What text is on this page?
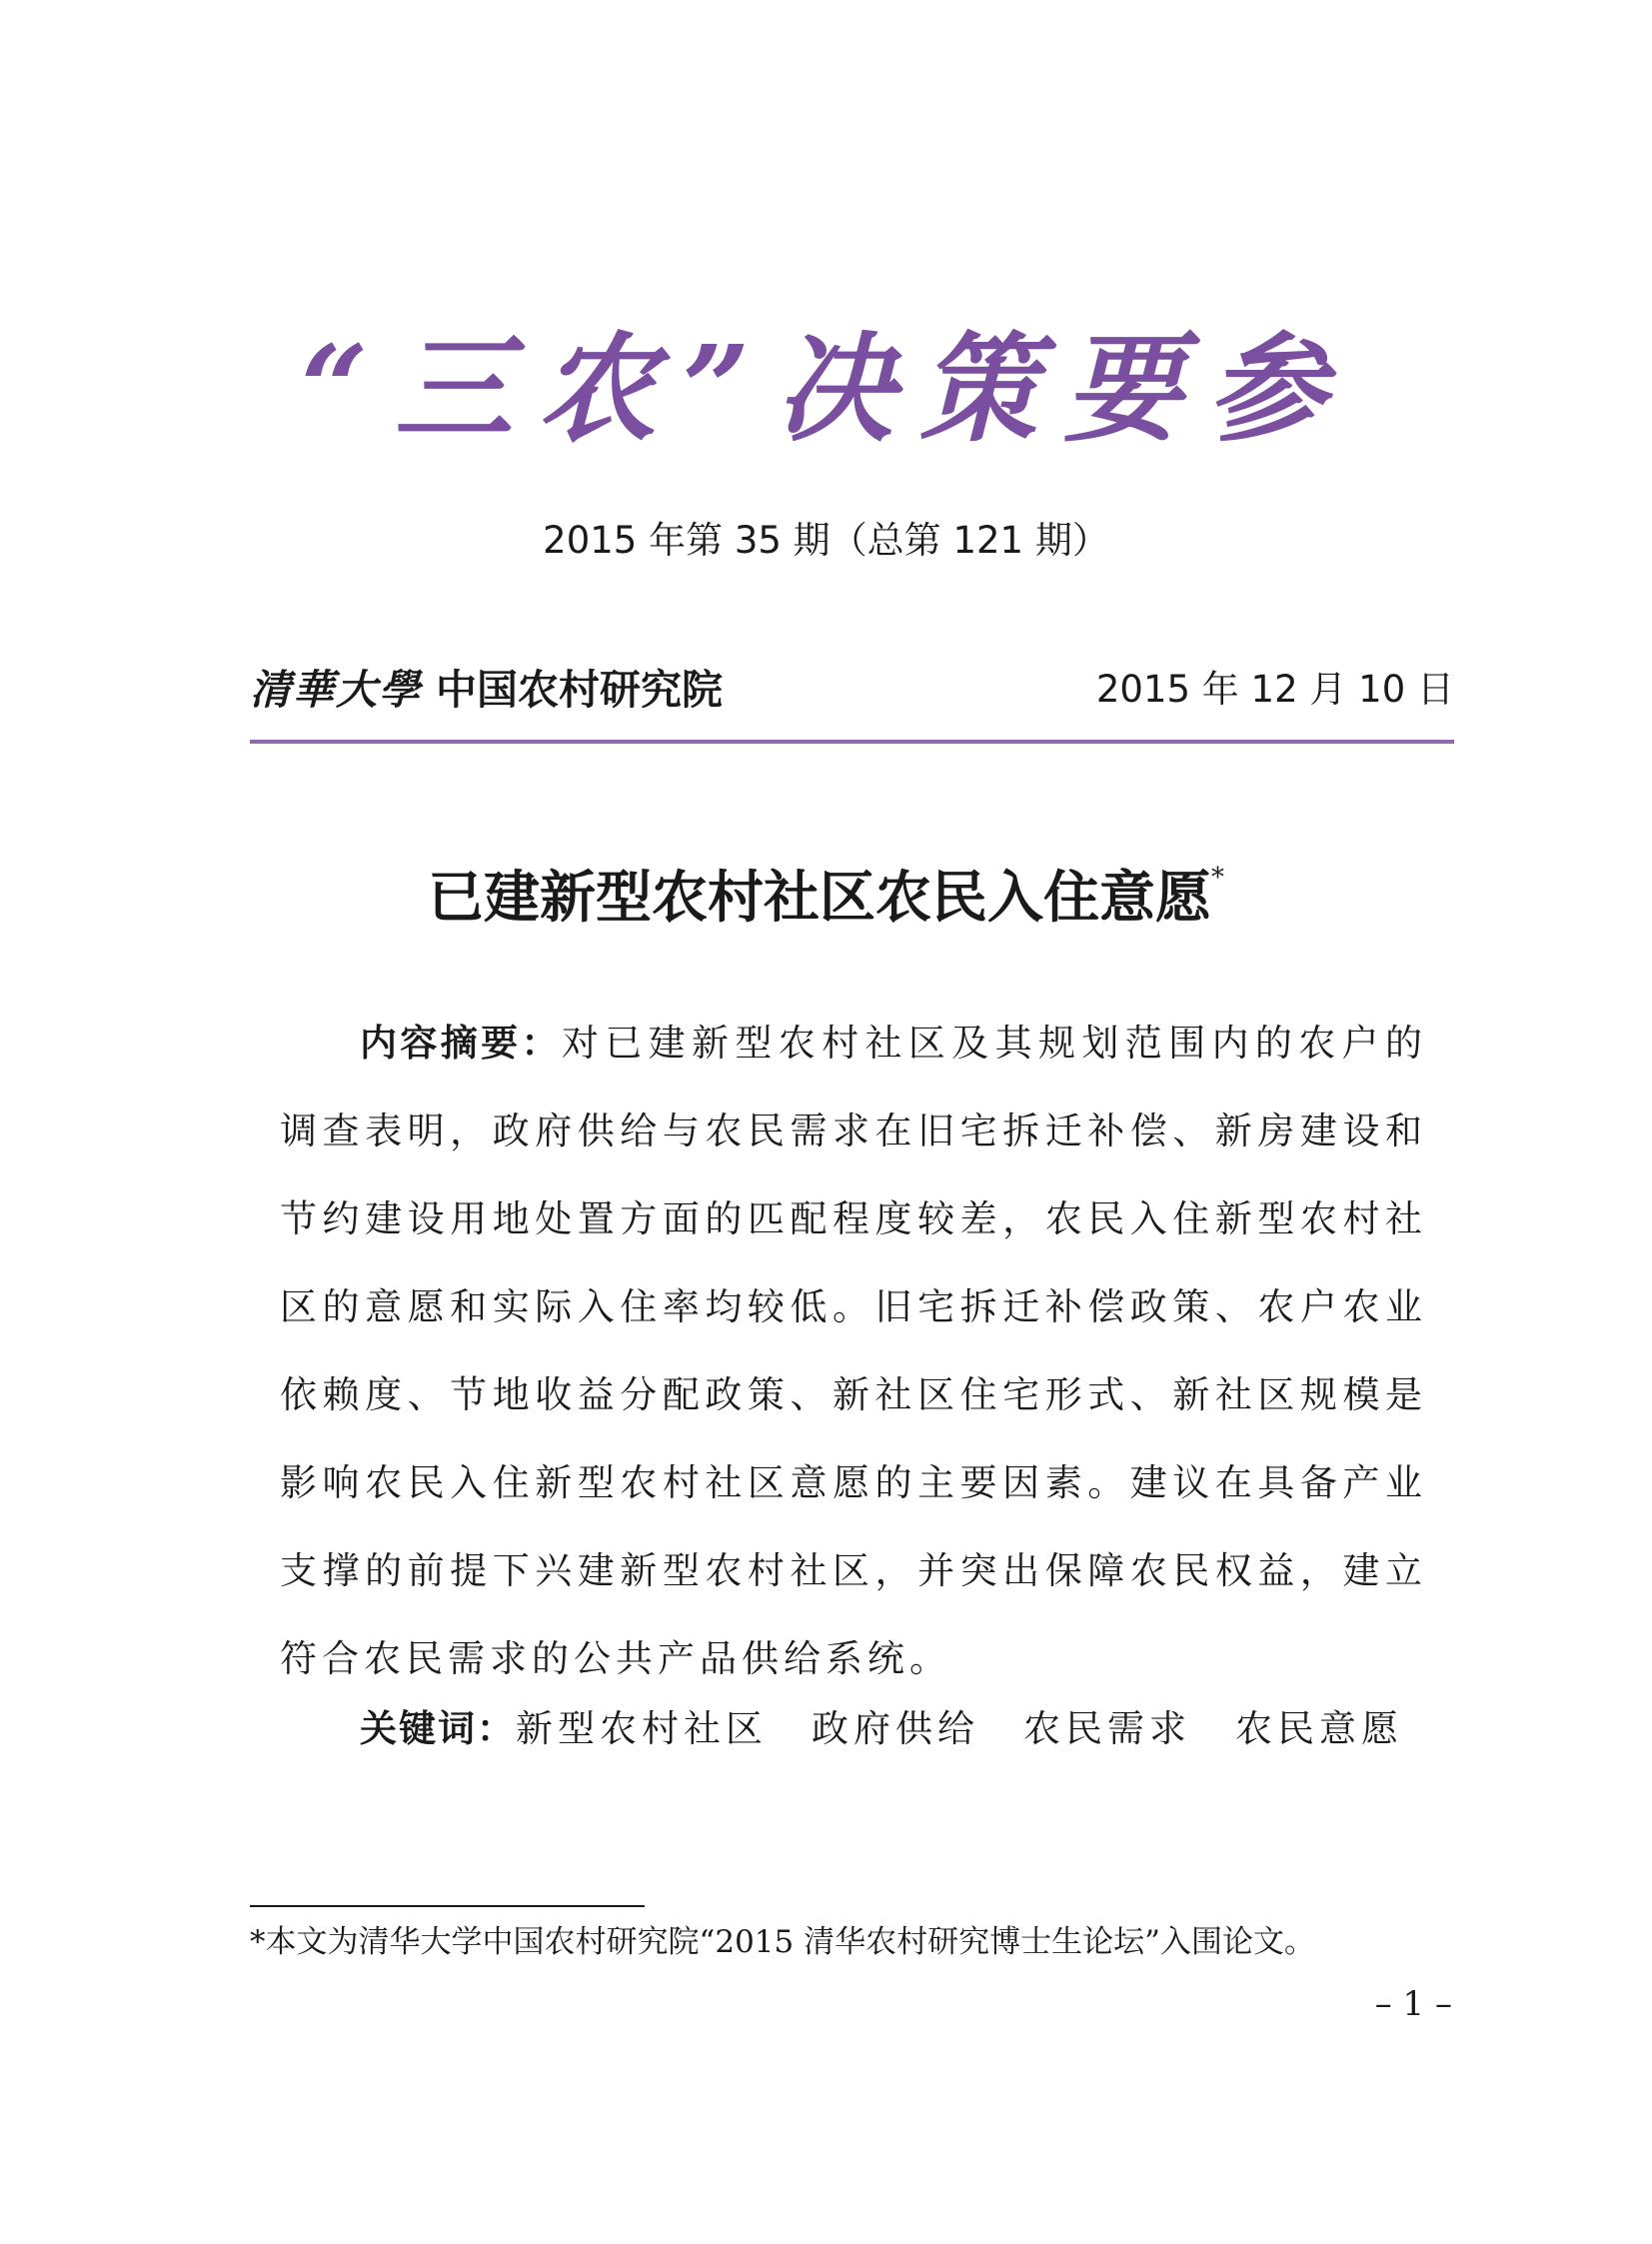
“三农”决策要参
2015 年第 35 期（总第 121 期）
清華大學 中国农村研究院	2015 年 12 月 10 日
已建新型农村社区农民入住意愿*
内容摘要：对已建新型农村社区及其规划范围内的农户的调查表明，政府供给与农民需求在旧宅拆迁补偿、新房建设和节约建设用地处置方面的匹配程度较差，农民入住新型农村社区的意愿和实际入住率均较低。旧宅拆迁补偿政策、农户农业依赖度、节地收益分配政策、新社区住宅形式、新社区规模是影响农民入住新型农村社区意愿的主要因素。建议在具备产业支撑的前提下兴建新型农村社区，并突出保障农民权益，建立符合农民需求的公共产品供给系统。
关键词：新型农村社区 政府供给 农民需求 农民意愿
*本文为清华大学中国农村研究院“2015 清华农村研究博士生论坛”入围论文。
– 1 –
